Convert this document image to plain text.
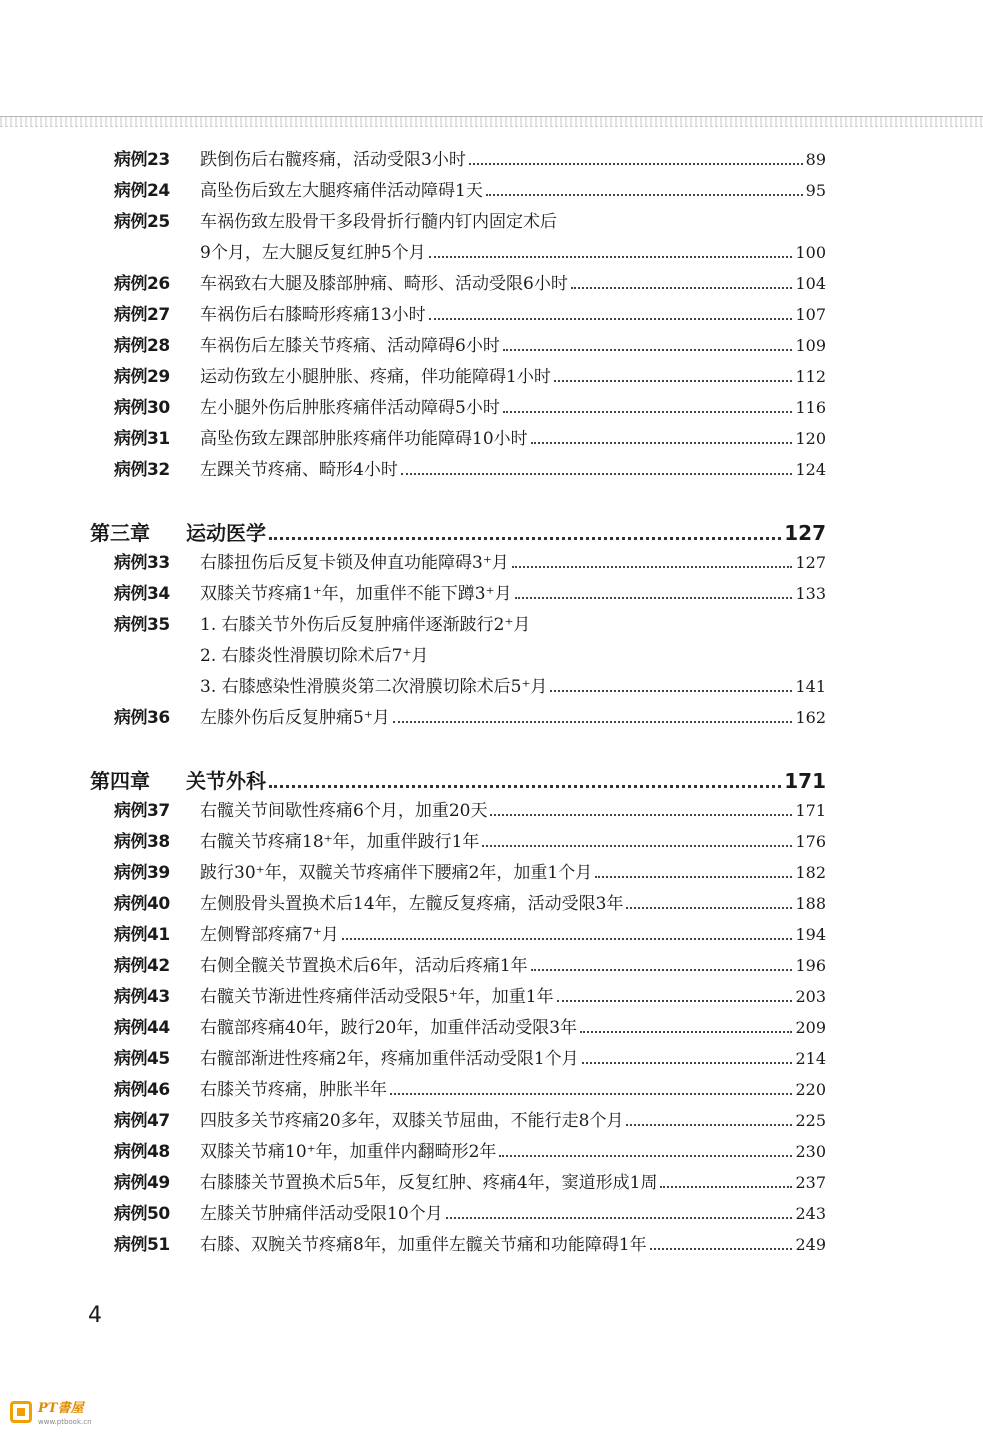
病例23	跌倒伤后右髋疼痛，活动受限3小时	89
病例24	高坠伤后致左大腿疼痛伴活动障碍1天	95
病例25	车祸伤致左股骨干多段骨折行髓内钉内固定术后
9个月，左大腿反复红肿5个月	100
病例26	车祸致右大腿及膝部肿痛、畸形、活动受限6小时	104
病例27	车祸伤后右膝畸形疼痛13小时	107
病例28	车祸伤后左膝关节疼痛、活动障碍6小时	109
病例29	运动伤致左小腿肿胀、疼痛，伴功能障碍1小时	112
病例30	左小腿外伤后肿胀疼痛伴活动障碍5小时	116
病例31	高坠伤致左踝部肿胀疼痛伴功能障碍10小时	120
病例32	左踝关节疼痛、畸形4小时	124
第三章	运动医学	127
病例33	右膝扭伤后反复卡锁及伸直功能障碍3⁺月	127
病例34	双膝关节疼痛1⁺年，加重伴不能下蹲3⁺月	133
病例35	1. 右膝关节外伤后反复肿痛伴逐渐跛行2⁺月
2. 右膝炎性滑膜切除术后7⁺月
3. 右膝感染性滑膜炎第二次滑膜切除术后5⁺月	141
病例36	左膝外伤后反复肿痛5⁺月	162
第四章	关节外科	171
病例37	右髋关节间歇性疼痛6个月，加重20天	171
病例38	右髋关节疼痛18⁺年，加重伴跛行1年	176
病例39	跛行30⁺年，双髋关节疼痛伴下腰痛2年，加重1个月	182
病例40	左侧股骨头置换术后14年，左髋反复疼痛，活动受限3年	188
病例41	左侧臀部疼痛7⁺月	194
病例42	右侧全髋关节置换术后6年，活动后疼痛1年	196
病例43	右髋关节渐进性疼痛伴活动受限5⁺年，加重1年	203
病例44	右髋部疼痛40年，跛行20年，加重伴活动受限3年	209
病例45	右髋部渐进性疼痛2年，疼痛加重伴活动受限1个月	214
病例46	右膝关节疼痛，肿胀半年	220
病例47	四肢多关节疼痛20多年，双膝关节屈曲，不能行走8个月	225
病例48	双膝关节痛10⁺年，加重伴内翻畸形2年	230
病例49	右膝膝关节置换术后5年，反复红肿、疼痛4年，窦道形成1周	237
病例50	左膝关节肿痛伴活动受限10个月	243
病例51	右膝、双腕关节疼痛8年，加重伴左髋关节痛和功能障碍1年	249
4
PT書屋
www.ptbook.cn
